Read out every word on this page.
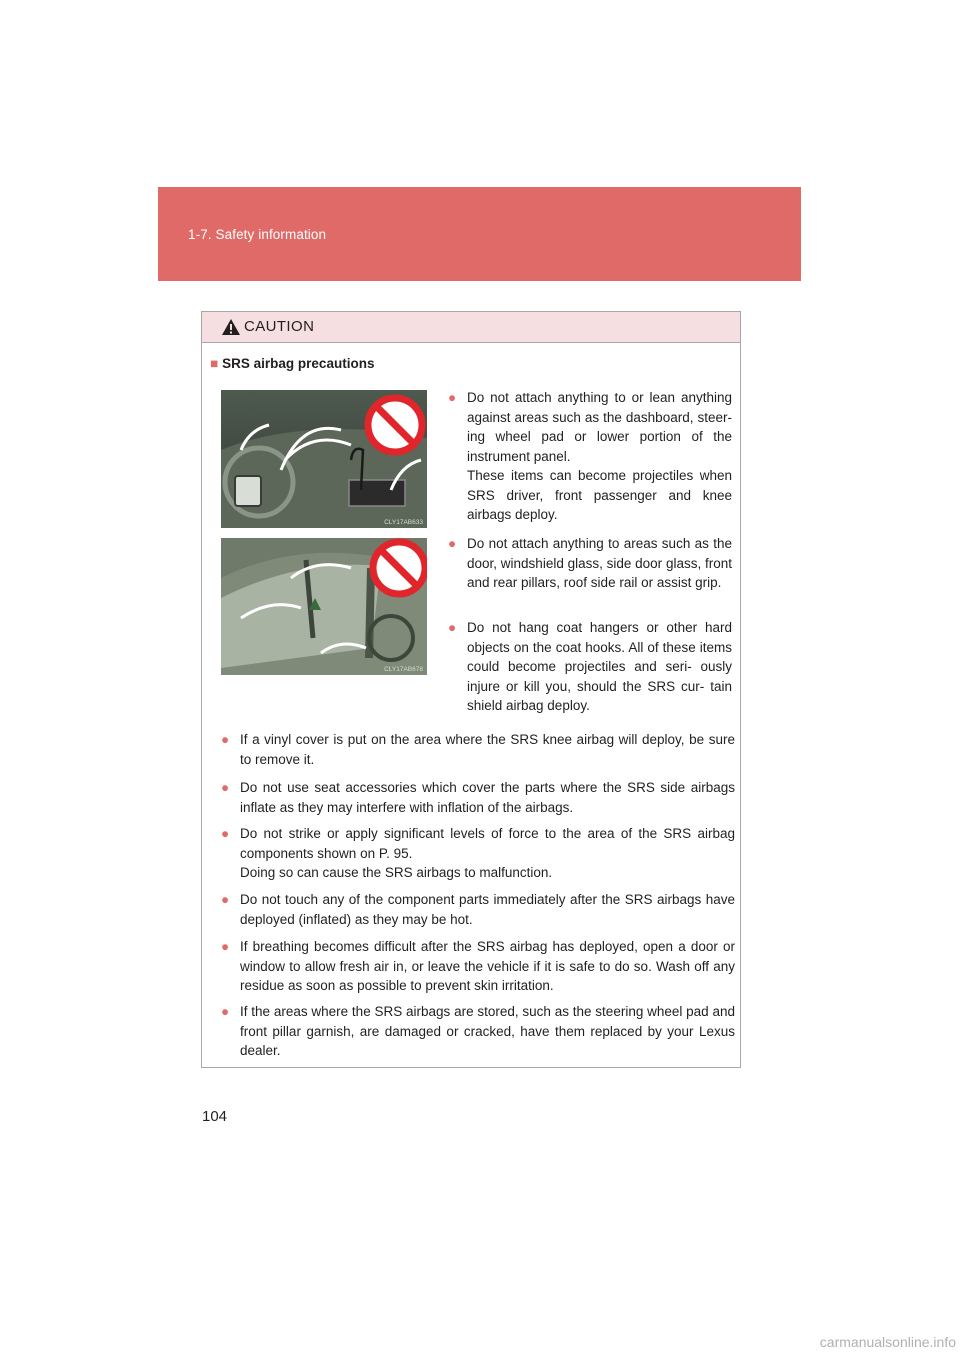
1-7. Safety information
CAUTION
■ SRS airbag precautions
CLY17AB633
CLY17AB678
● Do not attach anything to or lean anything against areas such as the dashboard, steer- ing wheel pad or lower portion of the instrument panel.
These items can become projectiles when SRS driver, front passenger and knee airbags deploy.
● Do not attach anything to areas such as the door, windshield glass, side door glass, front and rear pillars, roof side rail or assist grip.
● Do not hang coat hangers or other hard objects on the coat hooks. All of these items could become projectiles and seri- ously injure or kill you, should the SRS cur- tain shield airbag deploy.
● If a vinyl cover is put on the area where the SRS knee airbag will deploy, be sure to remove it.
● Do not use seat accessories which cover the parts where the SRS side airbags inflate as they may interfere with inflation of the airbags.
● Do not strike or apply significant levels of force to the area of the SRS airbag components shown on P. 95.
Doing so can cause the SRS airbags to malfunction.
● Do not touch any of the component parts immediately after the SRS airbags have deployed (inflated) as they may be hot.
● If breathing becomes difficult after the SRS airbag has deployed, open a door or window to allow fresh air in, or leave the vehicle if it is safe to do so. Wash off any residue as soon as possible to prevent skin irritation.
● If the areas where the SRS airbags are stored, such as the steering wheel pad and front pillar garnish, are damaged or cracked, have them replaced by your Lexus dealer.
104
carmanualsonline.info
